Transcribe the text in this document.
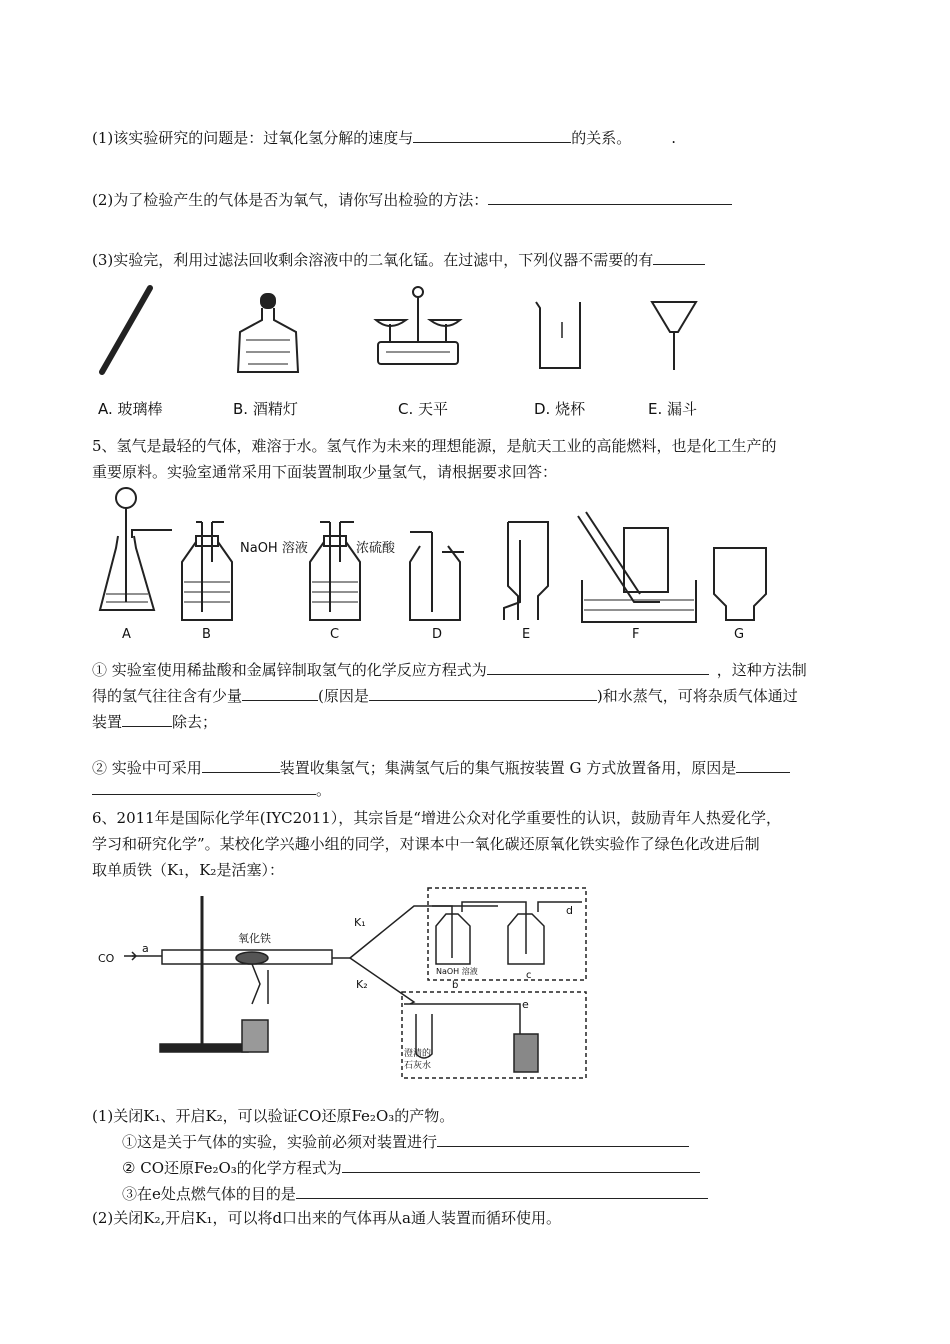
(1)该实验研究的问题是：过氧化氢分解的速度与	的关系。	.
(2)为了检验产生的气体是否为氧气，请你写出检验的方法：
(3)实验完，利用过滤法回收剩余溶液中的二氧化锰。在过滤中，下列仪器不需要的有
A. 玻璃棒	B. 酒精灯	C. 天平	D. 烧杯	E. 漏斗
5、氢气是最轻的气体，难溶于水。氢气作为未来的理想能源，是航天工业的高能燃料，也是化工生产的
重要原料。实验室通常采用下面装置制取少量氢气，请根据要求回答：
NaOH 溶液	浓硫酸
A	B	C	D	E	F	G
① 实验室使用稀盐酸和金属锌制取氢气的化学反应方程式为	，这种方法制
得的氢气往往含有少量	(原因是	)和水蒸气，可将杂质气体通过
装置	除去；
② 实验中可采用	装置收集氢气；集满氢气后的集气瓶按装置 G 方式放置备用，原因是
。
6、2011年是国际化学年(IYC2011），其宗旨是“增进公众对化学重要性的认识，鼓励青年人热爱化学，
学习和研究化学”。某校化学兴趣小组的同学，对课本中一氧化碳还原氧化铁实验作了绿色化改进后制
取单质铁（K₁，K₂是活塞）：
CO
a
氧化铁
K₁
K₂
d
e
NaOH 溶液
b
c
澄清的
石灰水
(1)关闭K₁、开启K₂，可以验证CO还原Fe₂O₃的产物。
①这是关于气体的实验，实验前必须对装置进行
② CO还原Fe₂O₃的化学方程式为
③在e处点燃气体的目的是
(2)关闭K₂,开启K₁，可以将d口出来的气体再从a通人装置而循环使用。
